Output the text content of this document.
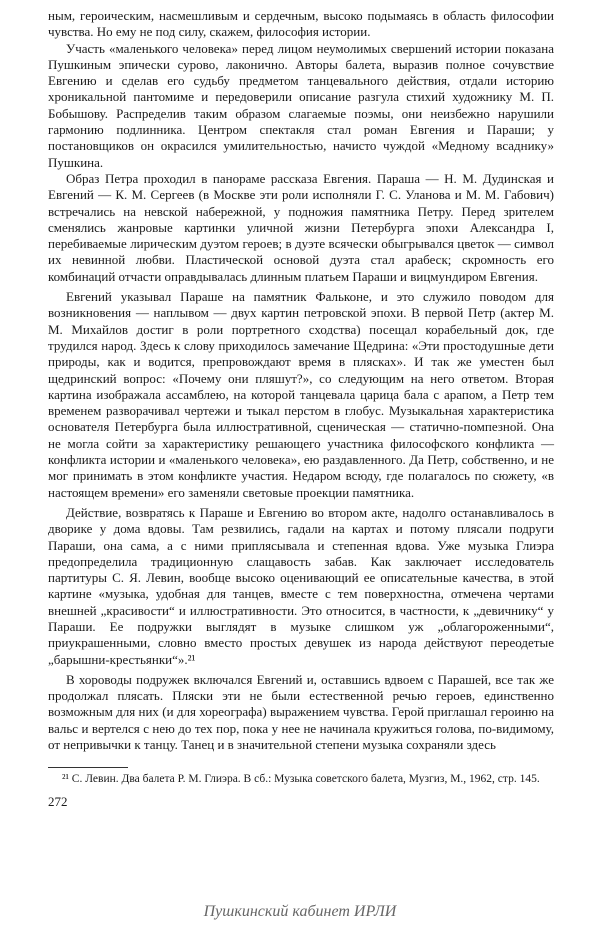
ным, героическим, насмешливым и сердечным, высоко подымаясь в область философии чувства. Но ему не под силу, скажем, философия истории.

Участь «маленького человека» перед лицом неумолимых свершений истории показана Пушкиным эпически сурово, лаконично. Авторы балета, выразив полное сочувствие Евгению и сделав его судьбу предметом танцевального действия, отдали историю хроникальной пантомиме и передоверили описание разгула стихий художнику М. П. Бобышову. Распределив таким образом слагаемые поэмы, они неизбежно нарушили гармонию подлинника. Центром спектакля стал роман Евгения и Параши; у постановщиков он окрасился умилительностью, начисто чуждой «Медному всаднику» Пушкина.

Образ Петра проходил в панораме рассказа Евгения. Параша — Н. М. Дудинская и Евгений — К. М. Сергеев (в Москве эти роли исполняли Г. С. Уланова и М. М. Габович) встречались на невской набережной, у подножия памятника Петру. Перед зрителем сменялись жанровые картинки уличной жизни Петербурга эпохи Александра I, перебиваемые лирическим дуэтом героев; в дуэте всячески обыгрывался цветок — символ их невинной любви. Пластической основой дуэта стал арабеск; скромность его комбинаций отчасти оправдывалась длинным платьем Параши и вицмундиром Евгения.

Евгений указывал Параше на памятник Фальконе, и это служило поводом для возникновения — наплывом — двух картин петровской эпохи. В первой Петр (актер М. М. Михайлов достиг в роли портретного сходства) посещал корабельный док, где трудился народ. Здесь к слову приходилось замечание Щедрина: «Эти простодушные дети природы, как и водится, препровождают время в плясках». И так же уместен был щедринский вопрос: «Почему они пляшут?», со следующим на него ответом. Вторая картина изображала ассамблею, на которой танцевала царица бала с арапом, а Петр тем временем разворачивал чертежи и тыкал перстом в глобус. Музыкальная характеристика основателя Петербурга была иллюстративной, сценическая — статично-помпезной. Она не могла сойти за характеристику решающего участника философского конфликта — конфликта истории и «маленького человека», ею раздавленного. Да Петр, собственно, и не мог принимать в этом конфликте участия. Недаром всюду, где полагалось по сюжету, «в настоящем времени» его заменяли световые проекции памятника.

Действие, возвратясь к Параше и Евгению во втором акте, надолго останавливалось в дворике у дома вдовы. Там резвились, гадали на картах и потому плясали подруги Параши, она сама, а с ними приплясывала и степенная вдова. Уже музыка Глиэра предопределила традиционную слащавость забав. Как заключает исследователь партитуры С. Я. Левин, вообще высоко оценивающий ее описательные качества, в этой картине «музыка, удобная для танцев, вместе с тем поверхностна, отмечена чертами внешней „красивости“ и иллюстративности. Это относится, в частности, к „девичнику“ у Параши. Ее подружки выглядят в музыке слишком уж „облагороженными“, приукрашенными, словно вместо простых девушек из народа действуют переодетые „барышни-крестьянки“».²¹

В хороводы подружек включался Евгений и, оставшись вдвоем с Парашей, все так же продолжал плясать. Пляски эти не были естественной речью героев, единственно возможным для них (и для хореографа) выражением чувства. Герой приглашал героиню на вальс и вертелся с нею до тех пор, пока у нее не начинала кружиться голова, по-видимому, от непривычки к танцу. Танец и в значительной степени музыка сохраняли здесь

²¹ С. Левин. Два балета Р. М. Глиэра. В сб.: Музыка советского балета, Музгиз, М., 1962, стр. 145.

272
Пушкинский кабинет ИРЛИ
